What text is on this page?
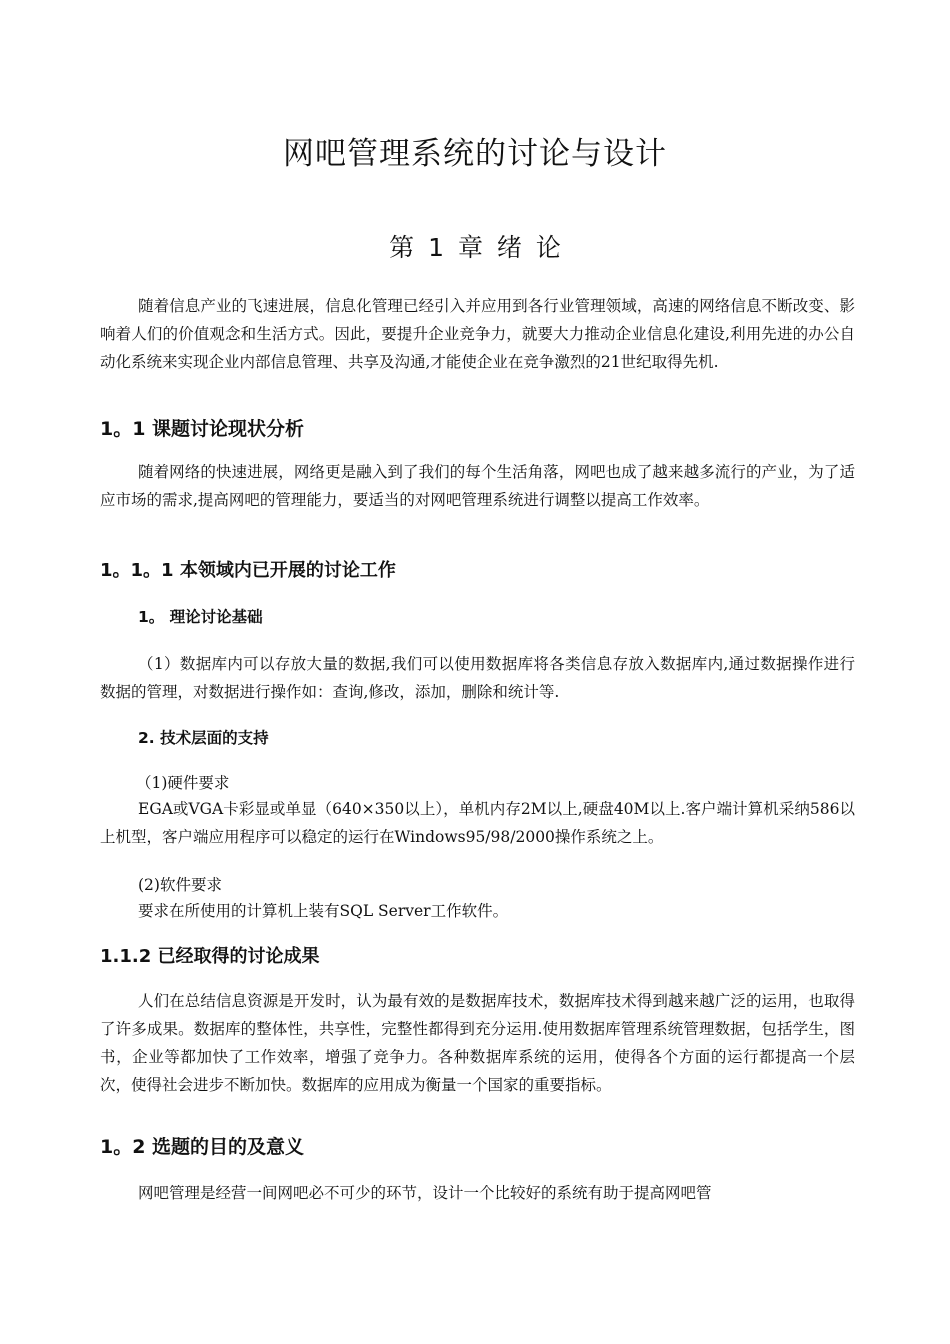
网吧管理系统的讨论与设计
第 1 章 绪 论

随着信息产业的飞速进展，信息化管理已经引入并应用到各行业管理领域，高速的网络信息不断改变、影响着人们的价值观念和生活方式。因此，要提升企业竞争力，就要大力推动企业信息化建设,利用先进的办公自动化系统来实现企业内部信息管理、共享及沟通,才能使企业在竞争激烈的21世纪取得先机.

1。1 课题讨论现状分析

随着网络的快速进展，网络更是融入到了我们的每个生活角落，网吧也成了越来越多流行的产业，为了适应市场的需求,提高网吧的管理能力，要适当的对网吧管理系统进行调整以提高工作效率。

1。1。1 本领域内已开展的讨论工作
1。 理论讨论基础

（1）数据库内可以存放大量的数据,我们可以使用数据库将各类信息存放入数据库内,通过数据操作进行数据的管理，对数据进行操作如：查询,修改，添加，删除和统计等.

2. 技术层面的支持

（1)硬件要求

EGA或VGA卡彩显或单显（640×350以上），单机内存2M以上,硬盘40M以上.客户端计算机采纳586以上机型，客户端应用程序可以稳定的运行在Windows95/98/2000操作系统之上。

(2)软件要求

要求在所使用的计算机上装有SQL Server工作软件。

1.1.2 已经取得的讨论成果

人们在总结信息资源是开发时，认为最有效的是数据库技术，数据库技术得到越来越广泛的运用，也取得了许多成果。数据库的整体性，共享性，完整性都得到充分运用.使用数据库管理系统管理数据，包括学生，图书，企业等都加快了工作效率，增强了竞争力。各种数据库系统的运用，使得各个方面的运行都提高一个层次，使得社会进步不断加快。数据库的应用成为衡量一个国家的重要指标。

1。2 选题的目的及意义

网吧管理是经营一间网吧必不可少的环节，设计一个比较好的系统有助于提高网吧管
